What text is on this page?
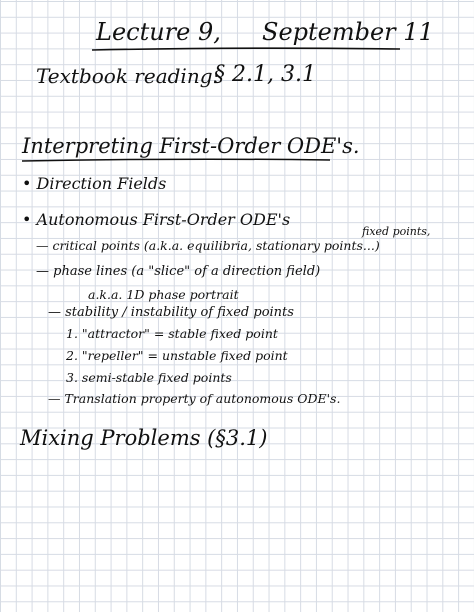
Lecture 9, September 11
Textbook reading:
§ 2.1, 3.1
Interpreting First-Order ODE's.
• Direction Fields
• Autonomous First-Order ODE's
fixed points,
— critical points (a.k.a. equilibria, stationary points...)
— phase lines (a "slice" of a direction field)
a.k.a. 1D phase portrait
— stability / instability of fixed points
1. "attractor" = stable fixed point
2. "repeller" = unstable fixed point
3. semi-stable fixed points
— Translation property of autonomous ODE's.
Mixing Problems (§3.1)
